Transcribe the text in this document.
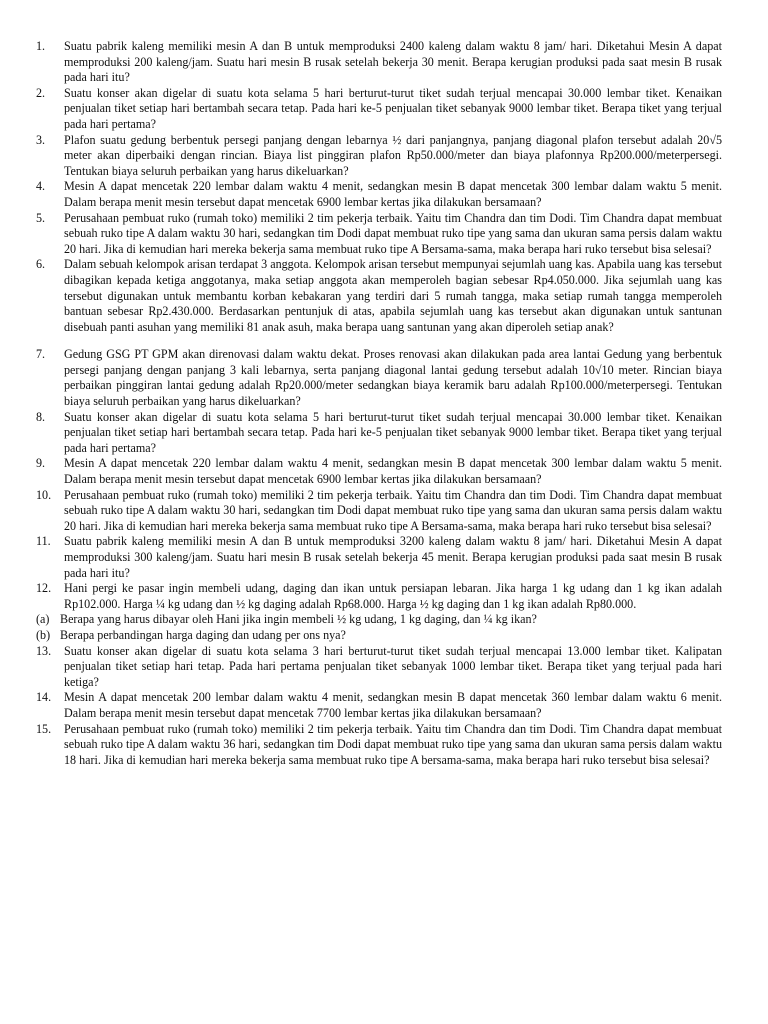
1.	Suatu pabrik kaleng memiliki mesin A dan B untuk memproduksi 2400 kaleng dalam waktu 8 jam/ hari. Diketahui Mesin A dapat memproduksi 200 kaleng/jam. Suatu hari mesin B rusak setelah bekerja 30 menit. Berapa kerugian produksi pada saat mesin B rusak pada hari itu?
2.	Suatu konser akan digelar di suatu kota selama 5 hari berturut-turut tiket sudah terjual mencapai 30.000 lembar tiket. Kenaikan penjualan tiket setiap hari bertambah secara tetap. Pada hari ke-5 penjualan tiket sebanyak 9000 lembar tiket. Berapa tiket yang terjual pada hari pertama?
3.	Plafon suatu gedung berbentuk persegi panjang dengan lebarnya ½ dari panjangnya, panjang diagonal plafon tersebut adalah 20√5 meter akan diperbaiki dengan rincian. Biaya list pinggiran plafon Rp50.000/meter dan biaya plafonnya Rp200.000/meterpersegi. Tentukan biaya seluruh perbaikan yang harus dikeluarkan?
4.	Mesin A dapat mencetak 220 lembar dalam waktu 4 menit, sedangkan mesin B dapat mencetak 300 lembar dalam waktu 5 menit. Dalam berapa menit mesin tersebut dapat mencetak 6900 lembar kertas jika dilakukan bersamaan?
5.	Perusahaan pembuat ruko (rumah toko) memiliki 2 tim pekerja terbaik. Yaitu tim Chandra dan tim Dodi. Tim Chandra dapat membuat sebuah ruko tipe A dalam waktu 30 hari, sedangkan tim Dodi dapat membuat ruko tipe yang sama dan ukuran sama persis dalam waktu 20 hari. Jika di kemudian hari mereka bekerja sama membuat ruko tipe A Bersama-sama, maka berapa hari ruko tersebut bisa selesai?
6.	Dalam sebuah kelompok arisan terdapat 3 anggota. Kelompok arisan tersebut mempunyai sejumlah uang kas. Apabila uang kas tersebut dibagikan kepada ketiga anggotanya, maka setiap anggota akan memperoleh bagian sebesar Rp4.050.000. Jika sejumlah uang kas tersebut digunakan untuk membantu korban kebakaran yang terdiri dari 5 rumah tangga, maka setiap rumah tangga memperoleh bantuan sebesar Rp2.430.000. Berdasarkan pentunjuk di atas, apabila sejumlah uang kas tersebut akan digunakan untuk santunan disebuah panti asuhan yang memiliki 81 anak asuh, maka berapa uang santunan yang akan diperoleh setiap anak?
7.	Gedung GSG PT GPM akan direnovasi dalam waktu dekat. Proses renovasi akan dilakukan pada area lantai Gedung yang berbentuk persegi panjang dengan panjang 3 kali lebarnya, serta panjang diagonal lantai gedung tersebut adalah 10√10 meter. Rincian biaya perbaikan pinggiran lantai gedung adalah Rp20.000/meter sedangkan biaya keramik baru adalah Rp100.000/meterpersegi. Tentukan biaya seluruh perbaikan yang harus dikeluarkan?
8.	Suatu konser akan digelar di suatu kota selama 5 hari berturut-turut tiket sudah terjual mencapai 30.000 lembar tiket. Kenaikan penjualan tiket setiap hari bertambah secara tetap. Pada hari ke-5 penjualan tiket sebanyak 9000 lembar tiket. Berapa tiket yang terjual pada hari pertama?
9.	Mesin A dapat mencetak 220 lembar dalam waktu 4 menit, sedangkan mesin B dapat mencetak 300 lembar dalam waktu 5 menit. Dalam berapa menit mesin tersebut dapat mencetak 6900 lembar kertas jika dilakukan bersamaan?
10.	Perusahaan pembuat ruko (rumah toko) memiliki 2 tim pekerja terbaik. Yaitu tim Chandra dan tim Dodi. Tim Chandra dapat membuat sebuah ruko tipe A dalam waktu 30 hari, sedangkan tim Dodi dapat membuat ruko tipe yang sama dan ukuran sama persis dalam waktu 20 hari. Jika di kemudian hari mereka bekerja sama membuat ruko tipe A Bersama-sama, maka berapa hari ruko tersebut bisa selesai?
11.	Suatu pabrik kaleng memiliki mesin A dan B untuk memproduksi 3200 kaleng dalam waktu 8 jam/ hari. Diketahui Mesin A dapat memproduksi 300 kaleng/jam. Suatu hari mesin B rusak setelah bekerja 45 menit. Berapa kerugian produksi pada saat mesin B rusak pada hari itu?
12.	Hani pergi ke pasar ingin membeli udang, daging dan ikan untuk persiapan lebaran. Jika harga 1 kg udang dan 1 kg ikan adalah Rp102.000. Harga ¼ kg udang dan ½ kg daging adalah Rp68.000. Harga ½ kg daging dan 1 kg ikan adalah Rp80.000.
(a) Berapa yang harus dibayar oleh Hani jika ingin membeli ½ kg udang, 1 kg daging, dan ¼ kg ikan?
(b) Berapa perbandingan harga daging dan udang per ons nya?
13.	Suatu konser akan digelar di suatu kota selama 3 hari berturut-turut tiket sudah terjual mencapai 13.000 lembar tiket. Kalipatan penjualan tiket setiap hari tetap. Pada hari pertama penjualan tiket sebanyak 1000 lembar tiket. Berapa tiket yang terjual pada hari ketiga?
14.	Mesin A dapat mencetak 200 lembar dalam waktu 4 menit, sedangkan mesin B dapat mencetak 360 lembar dalam waktu 6 menit. Dalam berapa menit mesin tersebut dapat mencetak 7700 lembar kertas jika dilakukan bersamaan?
15.	Perusahaan pembuat ruko (rumah toko) memiliki 2 tim pekerja terbaik. Yaitu tim Chandra dan tim Dodi. Tim Chandra dapat membuat sebuah ruko tipe A dalam waktu 36 hari, sedangkan tim Dodi dapat membuat ruko tipe yang sama dan ukuran sama persis dalam waktu 18 hari. Jika di kemudian hari mereka bekerja sama membuat ruko tipe A bersama-sama, maka berapa hari ruko tersebut bisa selesai?
